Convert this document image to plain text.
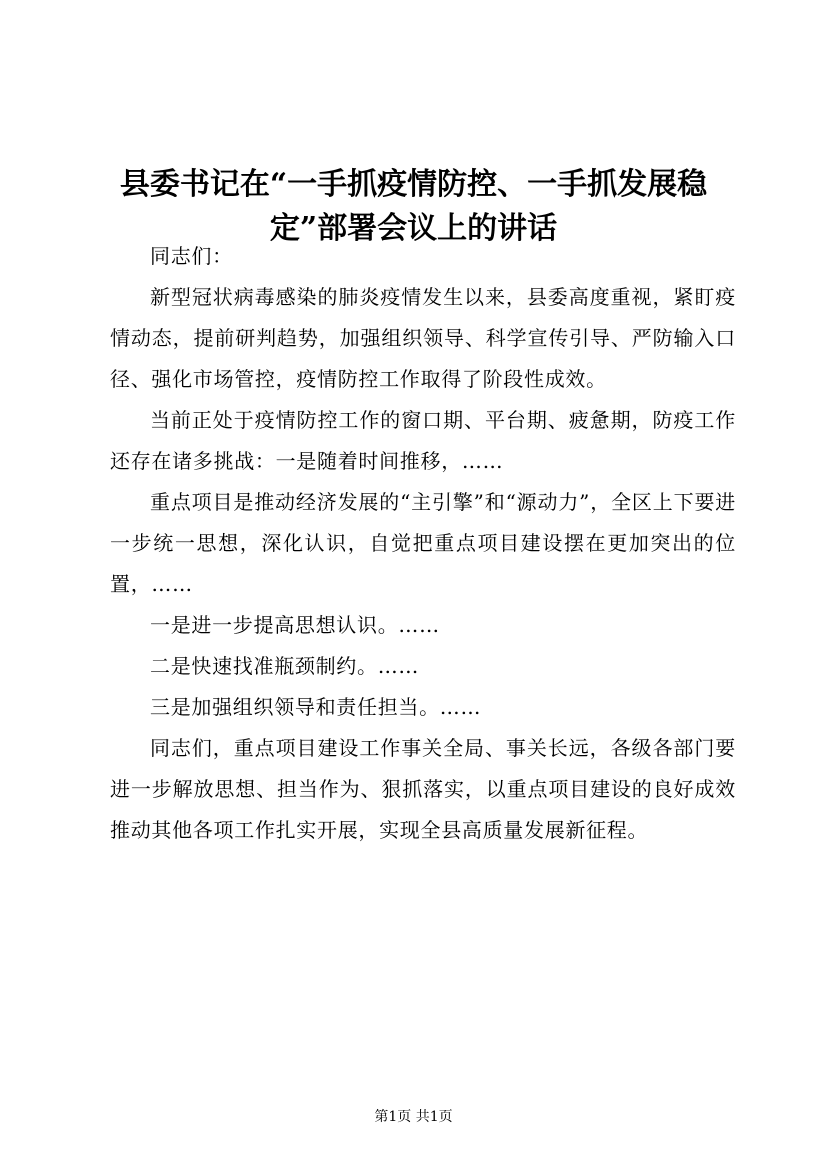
县委书记在“一手抓疫情防控、一手抓发展稳定”部署会议上的讲话

同志们：

新型冠状病毒感染的肺炎疫情发生以来，县委高度重视，紧盯疫情动态，提前研判趋势，加强组织领导、科学宣传引导、严防输入口径、强化市场管控，疫情防控工作取得了阶段性成效。

当前正处于疫情防控工作的窗口期、平台期、疲惫期，防疫工作还存在诸多挑战：一是随着时间推移，……

重点项目是推动经济发展的“主引擎”和“源动力”，全区上下要进一步统一思想，深化认识，自觉把重点项目建设摆在更加突出的位置，……

一是进一步提高思想认识。……

二是快速找准瓶颈制约。……

三是加强组织领导和责任担当。……

同志们，重点项目建设工作事关全局、事关长远，各级各部门要进一步解放思想、担当作为、狠抓落实，以重点项目建设的良好成效推动其他各项工作扎实开展，实现全县高质量发展新征程。

第1页 共1页
